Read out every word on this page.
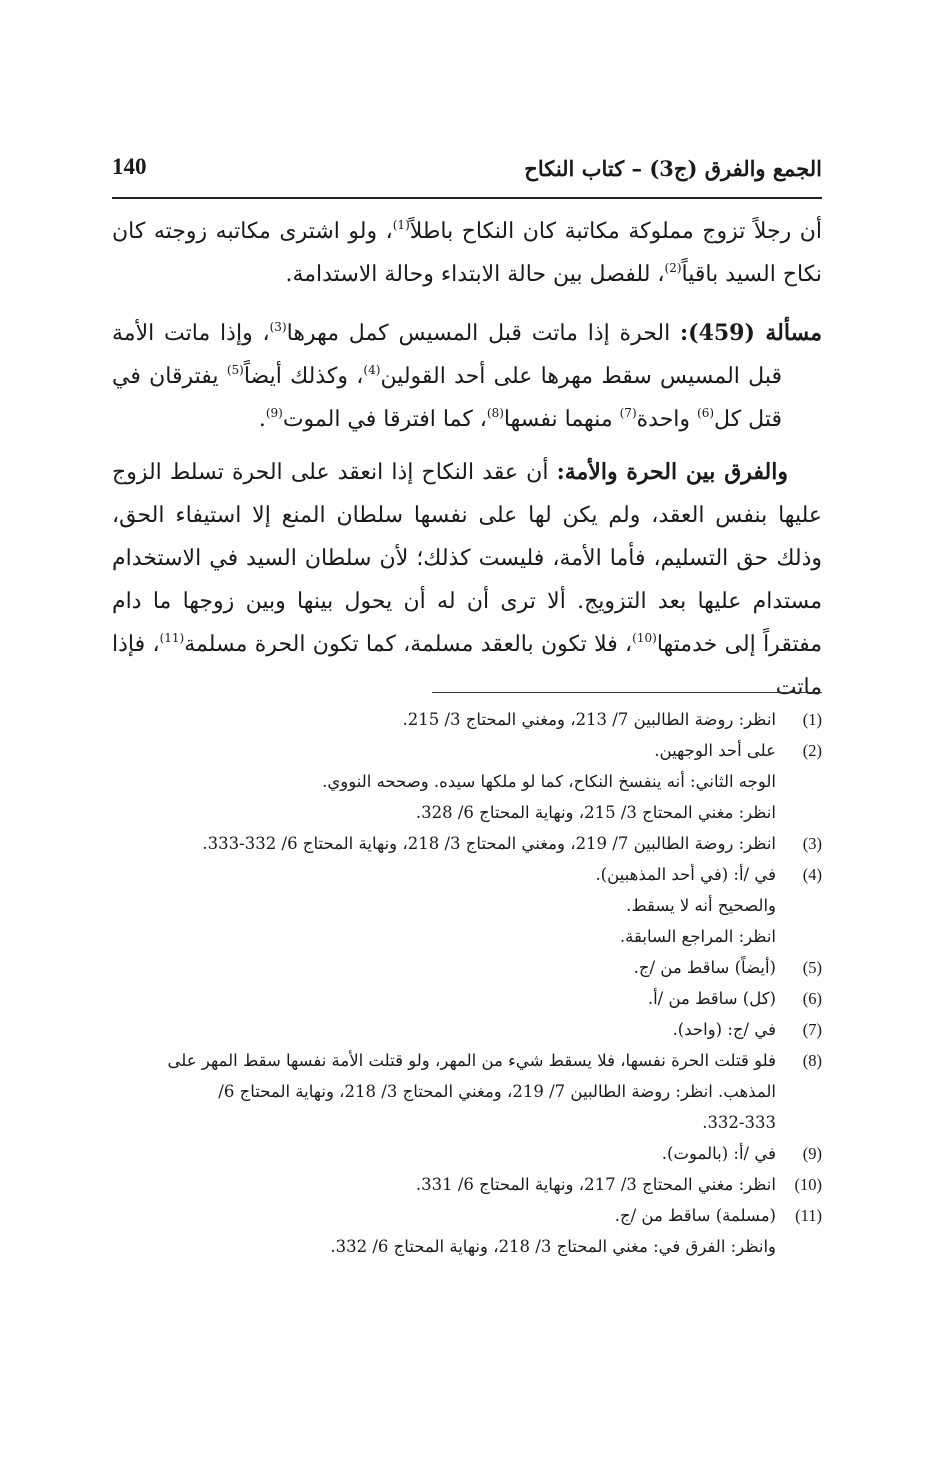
الجمع والفرق (ج3) – كتاب النكاح
140

أن رجلاً تزوج مملوكة مكاتبة كان النكاح باطلاً$^{(1)}$، ولو اشترى مكاتبه زوجته كان نكاح السيد باقياً$^{(2)}$، للفصل بين حالة الابتداء وحالة الاستدامة.

مسألة (459): الحرة إذا ماتت قبل المسيس كمل مهرها$^{(3)}$، وإذا ماتت الأمة قبل المسيس سقط مهرها على أحد القولين$^{(4)}$، وكذلك أيضاً$^{(5)}$ يفترقان في قتل كل$^{(6)}$ واحدة$^{(7)}$ منهما نفسها$^{(8)}$، كما افترقا في الموت$^{(9)}$.

والفرق بين الحرة والأمة: أن عقد النكاح إذا انعقد على الحرة تسلط الزوج عليها بنفس العقد، ولم يكن لها على نفسها سلطان المنع إلا استيفاء الحق، وذلك حق التسليم، فأما الأمة، فليست كذلك؛ لأن سلطان السيد في الاستخدام مستدام عليها بعد التزويج. ألا ترى أن له أن يحول بينها وبين زوجها ما دام مفتقراً إلى خدمتها$^{(10)}$، فلا تكون بالعقد مسلمة، كما تكون الحرة مسلمة$^{(11)}$، فإذا ماتت

(1)
انظر: روضة الطالبين 7/ 213، ومغني المحتاج 3/ 215.
(2)
على أحد الوجهين.
الوجه الثاني: أنه ينفسخ النكاح، كما لو ملكها سيده. وصححه النووي.
انظر: مغني المحتاج 3/ 215، ونهاية المحتاج 6/ 328.
(3)
انظر: روضة الطالبين 7/ 219، ومغني المحتاج 3/ 218، ونهاية المحتاج 6/ 332-333.
(4)
في /أ: (في أحد المذهبين).
والصحيح أنه لا يسقط.
انظر: المراجع السابقة.
(5)
(أيضاً) ساقط من /ج.
(6)
(كل) ساقط من /أ.
(7)
في /ج: (واحد).
(8)
فلو قتلت الحرة نفسها، فلا يسقط شيء من المهر، ولو قتلت الأمة نفسها سقط المهر على
المذهب. انظر: روضة الطالبين 7/ 219، ومغني المحتاج 3/ 218، ونهاية المحتاج 6/
332-333.
(9)
في /أ: (بالموت).
(10)
انظر: مغني المحتاج 3/ 217، ونهاية المحتاج 6/ 331.
(11)
(مسلمة) ساقط من /ج.
وانظر: الفرق في: مغني المحتاج 3/ 218، ونهاية المحتاج 6/ 332.
